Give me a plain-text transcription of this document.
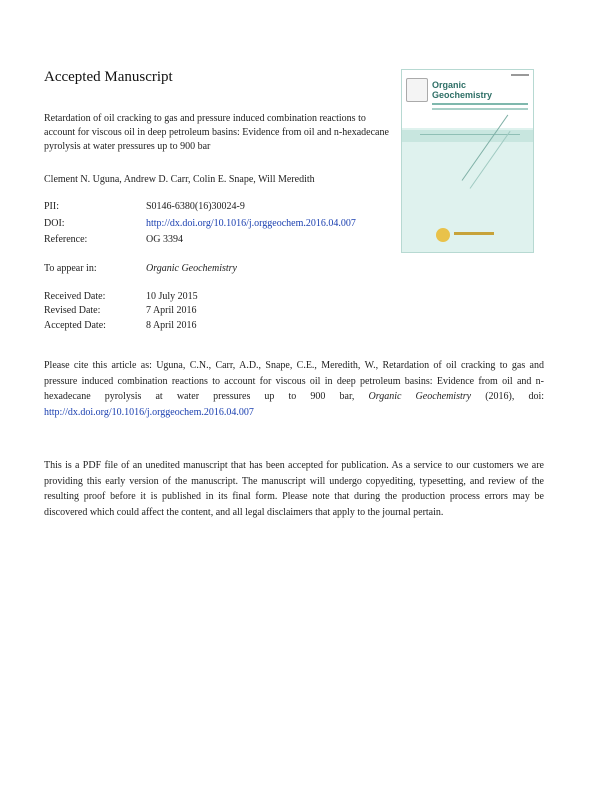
Accepted Manuscript
Retardation of oil cracking to gas and pressure induced combination reactions to account for viscous oil in deep petroleum basins: Evidence from oil and n-hexadecane pyrolysis at water pressures up to 900 bar
Clement N. Uguna, Andrew D. Carr, Colin E. Snape, Will Meredith
PII:	S0146-6380(16)30024-9
DOI:	http://dx.doi.org/10.1016/j.orggeochem.2016.04.007
Reference:	OG 3394
To appear in:	Organic Geochemistry
Received Date:	10 July 2015
Revised Date:	7 April 2016
Accepted Date:	8 April 2016
Please cite this article as: Uguna, C.N., Carr, A.D., Snape, C.E., Meredith, W., Retardation of oil cracking to gas and pressure induced combination reactions to account for viscous oil in deep petroleum basins: Evidence from oil and n-hexadecane pyrolysis at water pressures up to 900 bar, Organic Geochemistry (2016), doi: http://dx.doi.org/10.1016/j.orggeochem.2016.04.007
This is a PDF file of an unedited manuscript that has been accepted for publication. As a service to our customers we are providing this early version of the manuscript. The manuscript will undergo copyediting, typesetting, and review of the resulting proof before it is published in its final form. Please note that during the production process errors may be discovered which could affect the content, and all legal disclaimers that apply to the journal pertain.
Organic
Geochemistry
